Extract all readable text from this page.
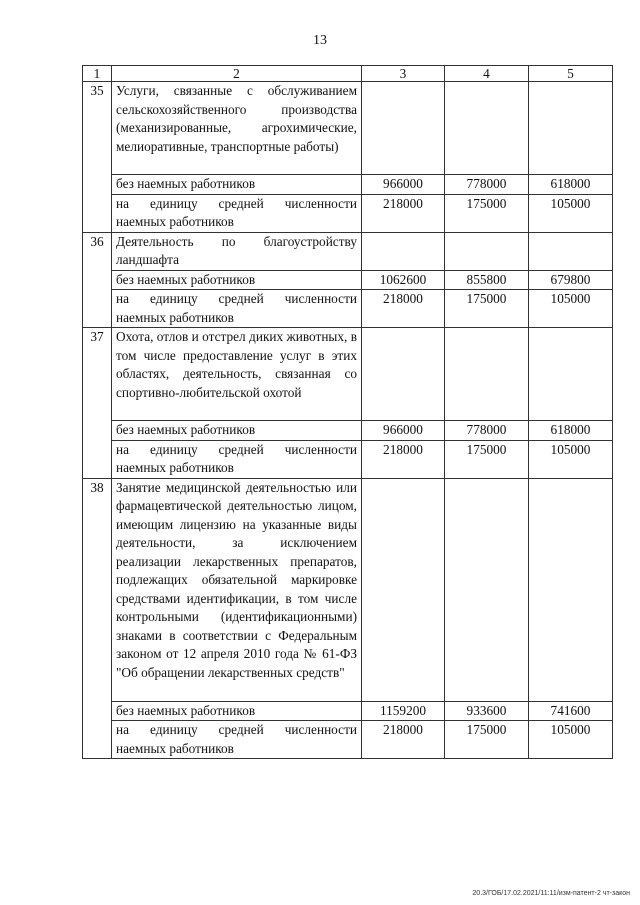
13
1	2	3	4	5
35	Услуги, связанные с обслуживанием сельскохозяйственного производства (механизированные, агрохимические, мелиоративные, транспортные работы)			
	без наемных работников	966000	778000	618000
	на единицу средней численности наемных работников	218000	175000	105000
36	Деятельность по благоустройству ландшафта			
	без наемных работников	1062600	855800	679800
	на единицу средней численности наемных работников	218000	175000	105000
37	Охота, отлов и отстрел диких животных, в том числе предоставление услуг в этих областях, деятельность, связанная со спортивно-любительской охотой			
	без наемных работников	966000	778000	618000
	на единицу средней численности наемных работников	218000	175000	105000
38	Занятие медицинской деятельностью или фармацевтической деятельностью лицом, имеющим лицензию на указанные виды деятельности, за исключением реализации лекарственных препаратов, подлежащих обязательной маркировке средствами идентификации, в том числе контрольными (идентификационными) знаками в соответствии с Федеральным законом от 12 апреля 2010 года № 61-ФЗ "Об обращении лекарственных средств"			
	без наемных работников	1159200	933600	741600
	на единицу средней численности наемных работников	218000	175000	105000
20.3/ГОБ/17.02.2021/11:11/изм-патент-2 чт-закон
